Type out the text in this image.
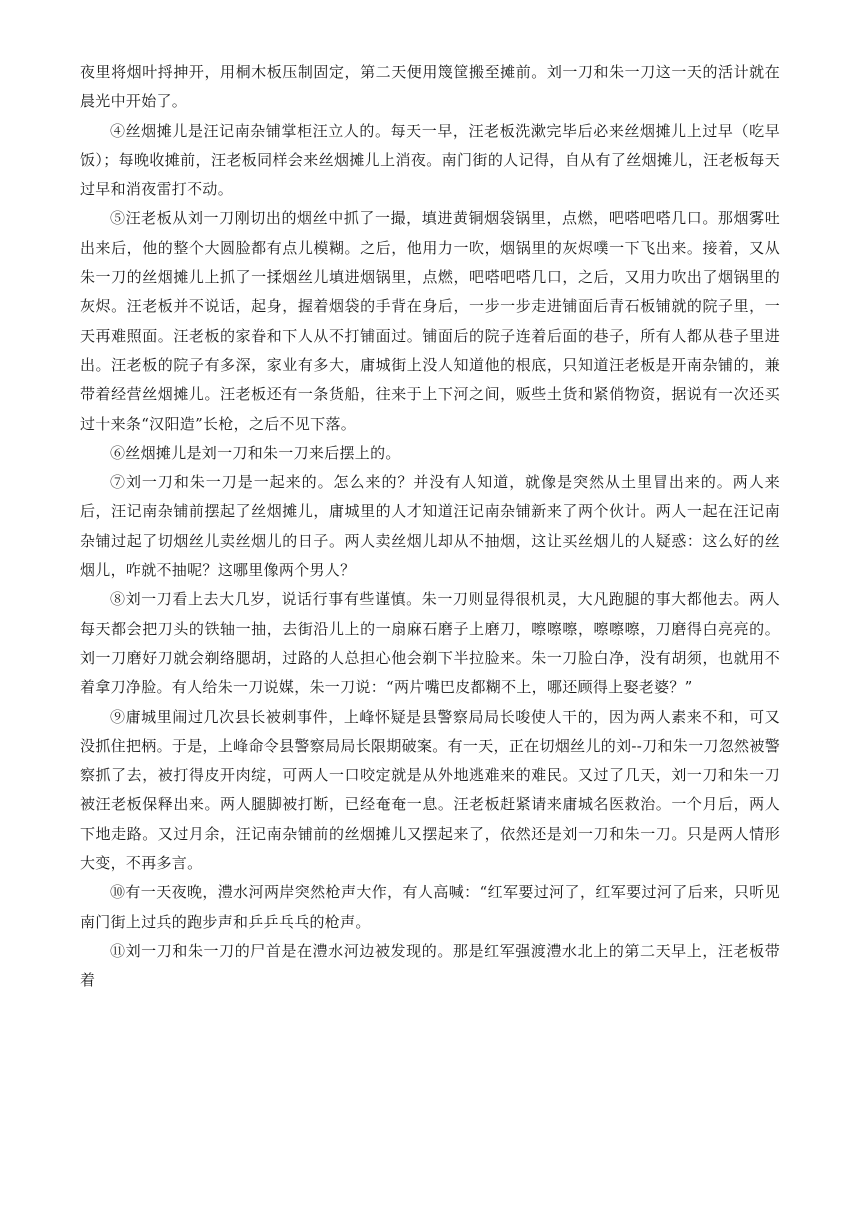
夜里将烟叶捋抻开，用桐木板压制固定，第二天便用篾筐搬至摊前。刘一刀和朱一刀这一天的活计就在晨光中开始了。

④丝烟摊儿是汪记南杂铺掌柜汪立人的。每天一早，汪老板洗漱完毕后必来丝烟摊儿上过早（吃早饭）；每晚收摊前，汪老板同样会来丝烟摊儿上消夜。南门街的人记得，自从有了丝烟摊儿，汪老板每天过早和消夜雷打不动。

⑤汪老板从刘一刀刚切出的烟丝中抓了一撮，填进黄铜烟袋锅里，点燃，吧嗒吧嗒几口。那烟雾吐出来后，他的整个大圆脸都有点儿模糊。之后，他用力一吹，烟锅里的灰烬噗一下飞出来。接着，又从朱一刀的丝烟摊儿上抓了一揉烟丝儿填进烟锅里，点燃，吧嗒吧嗒几口，之后，又用力吹出了烟锅里的灰烬。汪老板并不说话，起身，握着烟袋的手背在身后，一步一步走进铺面后青石板铺就的院子里，一天再难照面。汪老板的家眷和下人从不打铺面过。铺面后的院子连着后面的巷子，所有人都从巷子里进出。汪老板的院子有多深，家业有多大，庸城街上没人知道他的根底，只知道汪老板是开南杂铺的，兼带着经营丝烟摊儿。汪老板还有一条货船，往来于上下河之间，贩些土货和紧俏物资，据说有一次还买过十来条“汉阳造”长枪，之后不见下落。

⑥丝烟摊儿是刘一刀和朱一刀来后摆上的。

⑦刘一刀和朱一刀是一起来的。怎么来的？并没有人知道，就像是突然从土里冒出来的。两人来后，汪记南杂铺前摆起了丝烟摊儿，庸城里的人才知道汪记南杂铺新来了两个伙计。两人一起在汪记南杂铺过起了切烟丝儿卖丝烟儿的日子。两人卖丝烟儿却从不抽烟，这让买丝烟儿的人疑惑：这么好的丝烟儿，咋就不抽呢？这哪里像两个男人？

⑧刘一刀看上去大几岁，说话行事有些谨慎。朱一刀则显得很机灵，大凡跑腿的事大都他去。两人每天都会把刀头的铁轴一抽，去街沿儿上的一扇麻石磨子上磨刀，嚓嚓嚓，嚓嚓嚓，刀磨得白亮亮的。刘一刀磨好刀就会剃络腮胡，过路的人总担心他会剃下半拉脸来。朱一刀脸白净，没有胡须，也就用不着拿刀净脸。有人给朱一刀说媒，朱一刀说：“两片嘴巴皮都糊不上，哪还顾得上娶老婆？”

⑨庸城里闹过几次县长被刺事件，上峰怀疑是县警察局局长唆使人干的，因为两人素来不和，可又没抓住把柄。于是，上峰命令县警察局局长限期破案。有一天，正在切烟丝儿的刘--刀和朱一刀忽然被警察抓了去，被打得皮开肉绽，可两人一口咬定就是从外地逃难来的难民。又过了几天，刘一刀和朱一刀被汪老板保释出来。两人腿脚被打断，已经奄奄一息。汪老板赶紧请来庸城名医救治。一个月后，两人下地走路。又过月余，汪记南杂铺前的丝烟摊儿又摆起来了，依然还是刘一刀和朱一刀。只是两人情形大变，不再多言。

⑩有一天夜晚，澧水河两岸突然枪声大作，有人高喊：“红军要过河了，红军要过河了后来，只听见南门街上过兵的跑步声和乒乒乓乓的枪声。

⑪刘一刀和朱一刀的尸首是在澧水河边被发现的。那是红军强渡澧水北上的第二天早上，汪老板带着
